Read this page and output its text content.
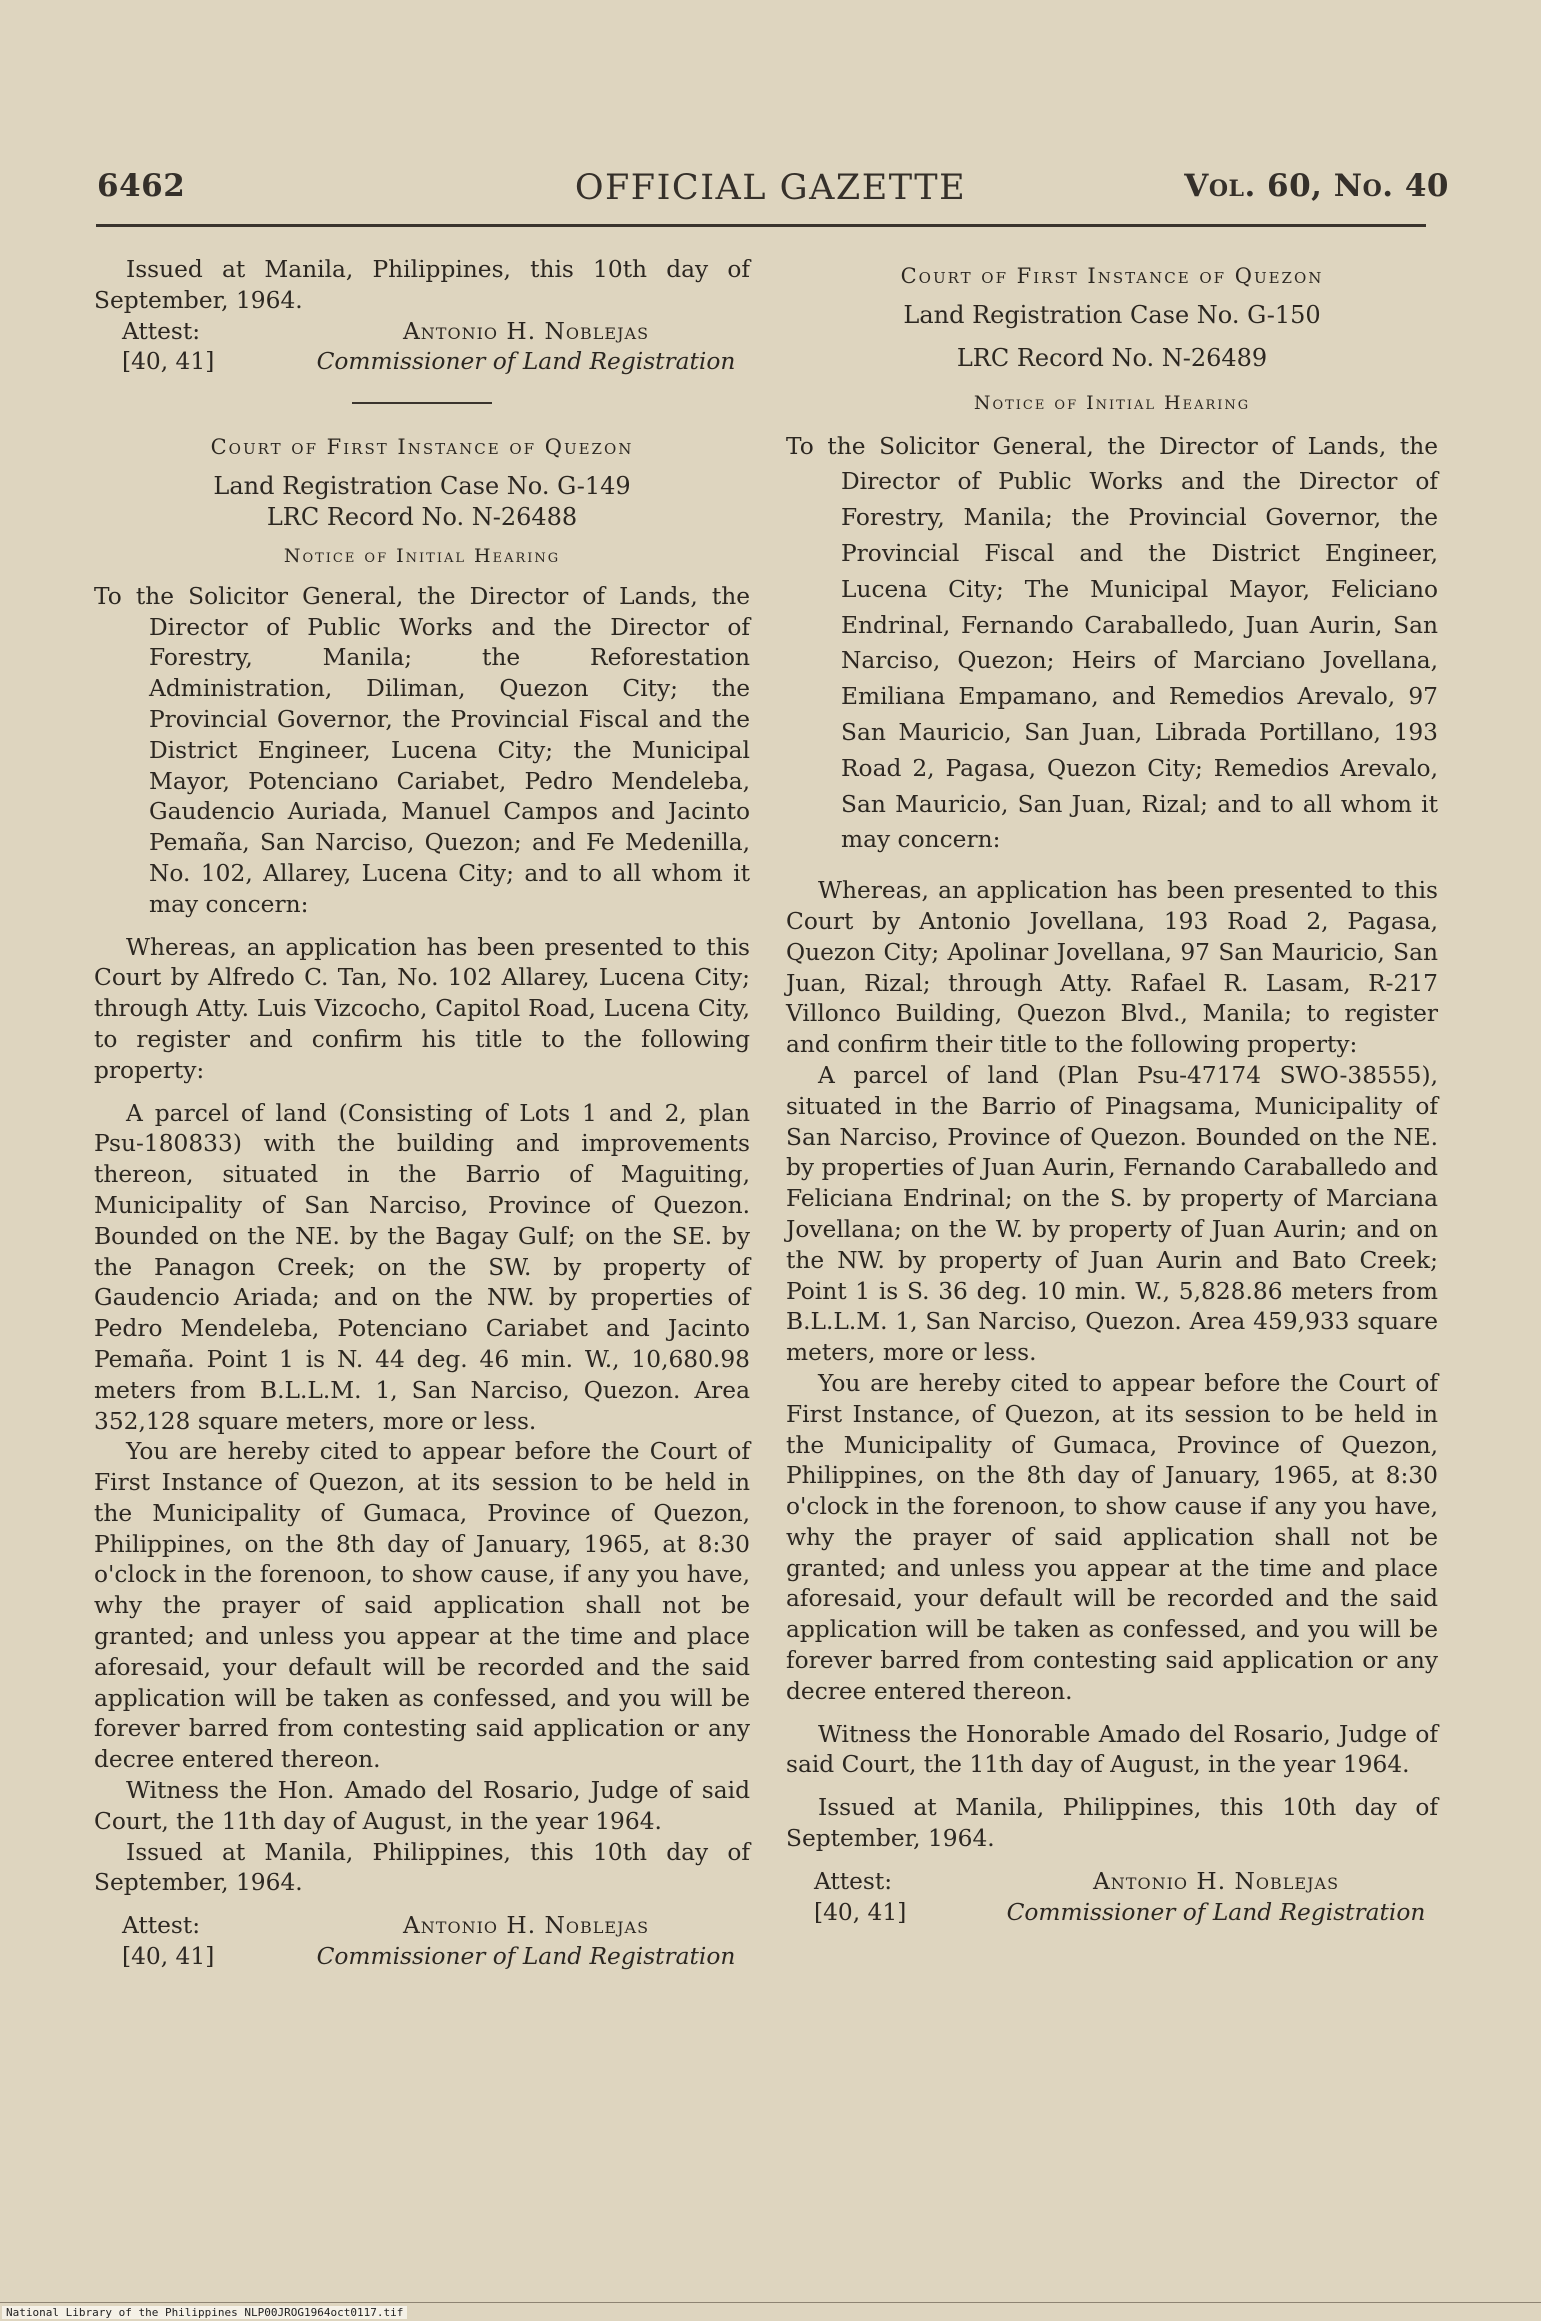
6462	OFFICIAL GAZETTE	Vol. 60, No. 40

Issued at Manila, Philippines, this 10th day of September, 1964.

Attest:	Antonio H. Noblejas
[40, 41]	Commissioner of Land Registration

Court of First Instance of Quezon

Land Registration Case No. G-149

LRC Record No. N-26488

Notice of Initial Hearing

To the Solicitor General, the Director of Lands, the Director of Public Works and the Director of Forestry, Manila; the Reforestation Administration, Diliman, Quezon City; the Provincial Governor, the Provincial Fiscal and the District Engineer, Lucena City; the Municipal Mayor, Potenciano Cariabet, Pedro Mendeleba, Gaudencio Auriada, Manuel Campos and Jacinto Pemaña, San Narciso, Quezon; and Fe Medenilla, No. 102, Allarey, Lucena City; and to all whom it may concern:

Whereas, an application has been presented to this Court by Alfredo C. Tan, No. 102 Allarey, Lucena City; through Atty. Luis Vizcocho, Capitol Road, Lucena City, to register and confirm his title to the following property:

A parcel of land (Consisting of Lots 1 and 2, plan Psu-180833) with the building and improvements thereon, situated in the Barrio of Maguiting, Municipality of San Narciso, Province of Quezon. Bounded on the NE. by the Bagay Gulf; on the SE. by the Panagon Creek; on the SW. by property of Gaudencio Ariada; and on the NW. by properties of Pedro Mendeleba, Potenciano Cariabet and Jacinto Pemaña. Point 1 is N. 44 deg. 46 min. W., 10,680.98 meters from B.L.L.M. 1, San Narciso, Quezon. Area 352,128 square meters, more or less.

You are hereby cited to appear before the Court of First Instance of Quezon, at its session to be held in the Municipality of Gumaca, Province of Quezon, Philippines, on the 8th day of January, 1965, at 8:30 o'clock in the forenoon, to show cause, if any you have, why the prayer of said application shall not be granted; and unless you appear at the time and place aforesaid, your default will be recorded and the said application will be taken as confessed, and you will be forever barred from contesting said application or any decree entered thereon.

Witness the Hon. Amado del Rosario, Judge of said Court, the 11th day of August, in the year 1964.

Issued at Manila, Philippines, this 10th day of September, 1964.

Attest:	Antonio H. Noblejas
[40, 41]	Commissioner of Land Registration

Court of First Instance of Quezon

Land Registration Case No. G-150

LRC Record No. N-26489

Notice of Initial Hearing

To the Solicitor General, the Director of Lands, the Director of Public Works and the Director of Forestry, Manila; the Provincial Governor, the Provincial Fiscal and the District Engineer, Lucena City; The Municipal Mayor, Feliciano Endrinal, Fernando Caraballedo, Juan Aurin, San Narciso, Quezon; Heirs of Marciano Jovellana, Emiliana Empamano, and Remedios Arevalo, 97 San Mauricio, San Juan, Librada Portillano, 193 Road 2, Pagasa, Quezon City; Remedios Arevalo, San Mauricio, San Juan, Rizal; and to all whom it may concern:

Whereas, an application has been presented to this Court by Antonio Jovellana, 193 Road 2, Pagasa, Quezon City; Apolinar Jovellana, 97 San Mauricio, San Juan, Rizal; through Atty. Rafael R. Lasam, R-217 Villonco Building, Quezon Blvd., Manila; to register and confirm their title to the following property:

A parcel of land (Plan Psu-47174 SWO-38555), situated in the Barrio of Pinagsama, Municipality of San Narciso, Province of Quezon. Bounded on the NE. by properties of Juan Aurin, Fernando Caraballedo and Feliciana Endrinal; on the S. by property of Marciana Jovellana; on the W. by property of Juan Aurin; and on the NW. by property of Juan Aurin and Bato Creek; Point 1 is S. 36 deg. 10 min. W., 5,828.86 meters from B.L.L.M. 1, San Narciso, Quezon. Area 459,933 square meters, more or less.

You are hereby cited to appear before the Court of First Instance, of Quezon, at its session to be held in the Municipality of Gumaca, Province of Quezon, Philippines, on the 8th day of January, 1965, at 8:30 o'clock in the forenoon, to show cause if any you have, why the prayer of said application shall not be granted; and unless you appear at the time and place aforesaid, your default will be recorded and the said application will be taken as confessed, and you will be forever barred from contesting said application or any decree entered thereon.

Witness the Honorable Amado del Rosario, Judge of said Court, the 11th day of August, in the year 1964.

Issued at Manila, Philippines, this 10th day of September, 1964.

Attest:	Antonio H. Noblejas
[40, 41]	Commissioner of Land Registration
National Library of the Philippines NLP00JROG1964oct0117.tif
